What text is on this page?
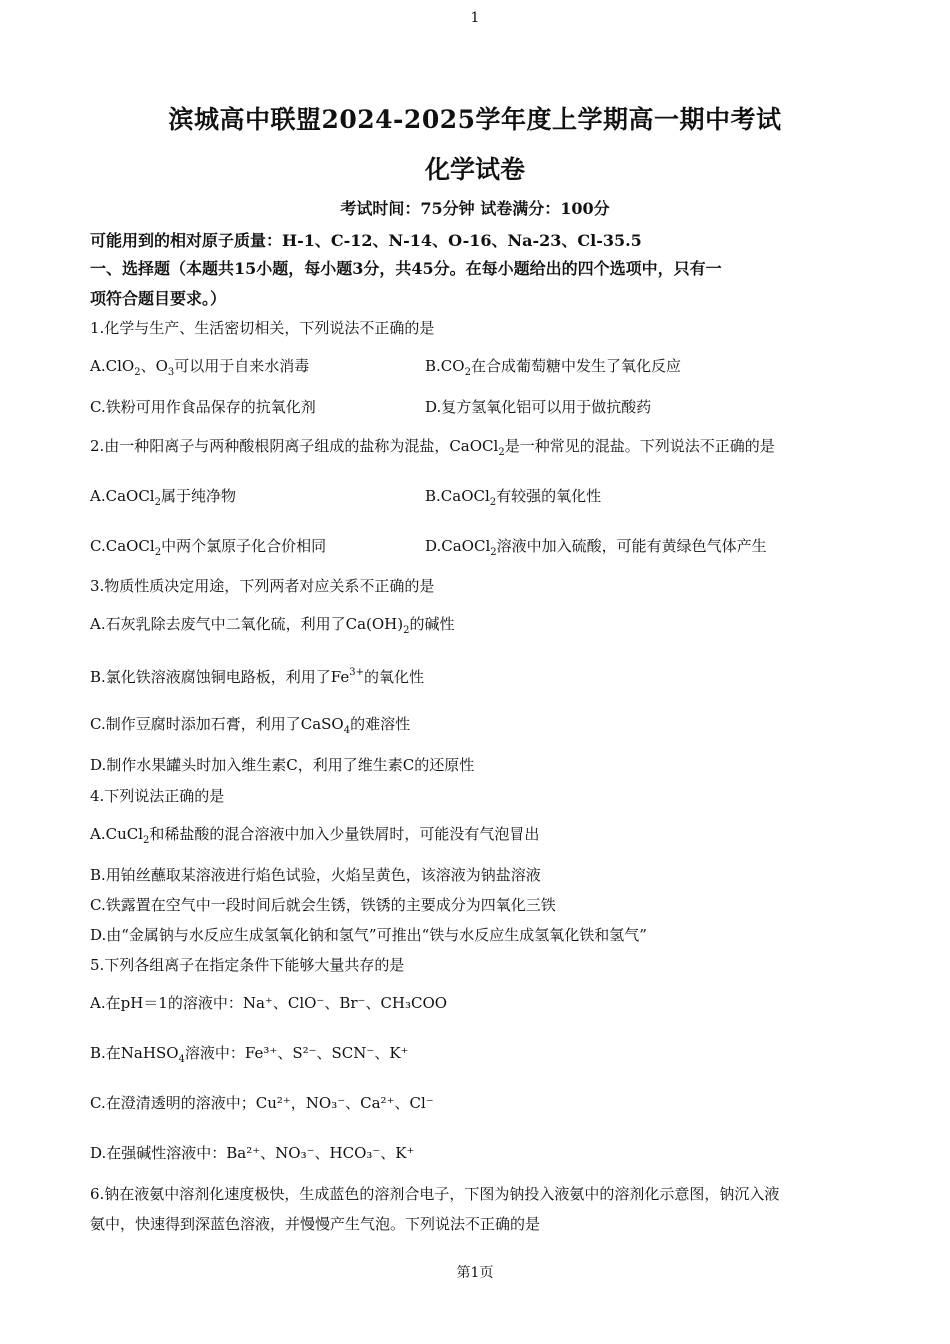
1
滨城高中联盟2024-2025学年度上学期高一期中考试
化学试卷
考试时间：75分钟 试卷满分：100分
可能用到的相对原子质量：H-1、C-12、N-14、O-16、Na-23、Cl-35.5
一、选择题（本题共15小题，每小题3分，共45分。在每小题给出的四个选项中，只有一
项符合题目要求。）
1.化学与生产、生活密切相关，下列说法不正确的是
A.ClO$_2$、$O_3$可以用于自来水消毒	$B.CO_2$在合成葡萄糖中发生了氧化反应
C.铁粉可用作食品保存的抗氧化剂	D.复方氢氧化铝可以用于做抗酸药
2.由一种阳离子与两种酸根阴离子组成的盐称为混盐，CaOCl$_2$是一种常见的混盐。下列说法不正确的是
A.CaOCl$_2$属于纯净物	B.CaOCl$_2$有较强的氧化性
C.CaOCl$_2$中两个氯原子化合价相同	D.CaOCl$_2$溶液中加入硫酸，可能有黄绿色气体产生
3.物质性质决定用途，下列两者对应关系不正确的是
A.石灰乳除去废气中二氧化硫，利用了$Ca(OH)_2$的碱性
B.氯化铁溶液腐蚀铜电路板，利用了$Fe^{3+}$的氧化性
C.制作豆腐时添加石膏，利用了CaSO$_4$的难溶性
D.制作水果罐头时加入维生素C，利用了维生素C的还原性
4.下列说法正确的是
A.CuCl$_2$和稀盐酸的混合溶液中加入少量铁屑时，可能没有气泡冒出
B.用铂丝蘸取某溶液进行焰色试验，火焰呈黄色，该溶液为钠盐溶液
C.铁露置在空气中一段时间后就会生锈，铁锈的主要成分为四氧化三铁
D.由“金属钠与水反应生成氢氧化钠和氢气”可推出“铁与水反应生成氢氧化铁和氢气”
5.下列各组离子在指定条件下能够大量共存的是
A.在pH＝1的溶液中：Na⁺、ClO⁻、Br⁻、CH₃COO
B.在NaHSO$_4$溶液中：Fe³⁺、S²⁻、SCN⁻、K⁺
C.在澄清透明的溶液中；Cu²⁺，NO₃⁻、Ca²⁺、Cl⁻
D.在强碱性溶液中：Ba²⁺、NO₃⁻、HCO₃⁻、K⁺
6.钠在液氨中溶剂化速度极快，生成蓝色的溶剂合电子，下图为钠投入液氨中的溶剂化示意图，钠沉入液
氨中，快速得到深蓝色溶液，并慢慢产生气泡。下列说法不正确的是
第1页
